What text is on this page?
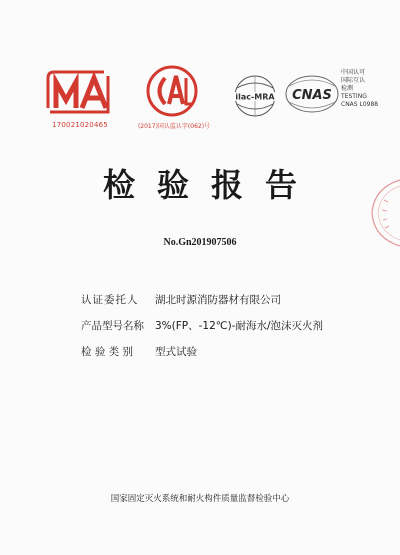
170021020465	(2017)国认监认字(062)号
ilac-MRA CNAS
中国认可
国际互认
检测
TESTING
CNAS L0988
检验报告
No.Gn201907506
认证委托人	湖北时源消防器材有限公司
产品型号名称	3%(FP、-12℃)-耐海水/泡沫灭火剂
检 验 类 别	型式试验
国家固定灭火系统和耐火构件质量监督检验中心
